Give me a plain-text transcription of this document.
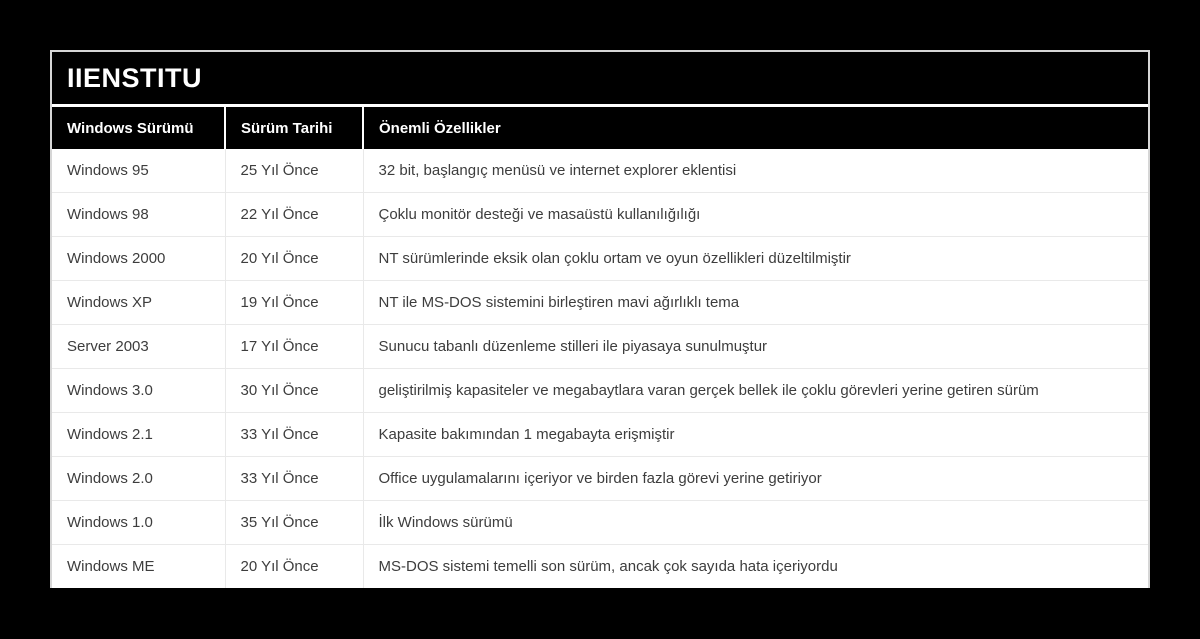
IIENSTITU
Windows Sürümü	Sürüm Tarihi	Önemli Özellikler
Windows 95	25 Yıl Önce	32 bit, başlangıç menüsü ve internet explorer eklentisi
Windows 98	22 Yıl Önce	Çoklu monitör desteği ve masaüstü kullanılığılığı
Windows 2000	20 Yıl Önce	NT sürümlerinde eksik olan çoklu ortam ve oyun özellikleri düzeltilmiştir
Windows XP	19 Yıl Önce	NT ile MS-DOS sistemini birleştiren mavi ağırlıklı tema
Server 2003	17 Yıl Önce	Sunucu tabanlı düzenleme stilleri ile piyasaya sunulmuştur
Windows 3.0	30 Yıl Önce	geliştirilmiş kapasiteler ve megabaytlara varan gerçek bellek ile çoklu görevleri yerine getiren sürüm
Windows 2.1	33 Yıl Önce	Kapasite bakımından 1 megabayta erişmiştir
Windows 2.0	33 Yıl Önce	Office uygulamalarını içeriyor ve birden fazla görevi yerine getiriyor
Windows 1.0	35 Yıl Önce	İlk Windows sürümü
Windows ME	20 Yıl Önce	MS-DOS sistemi temelli son sürüm, ancak çok sayıda hata içeriyordu
